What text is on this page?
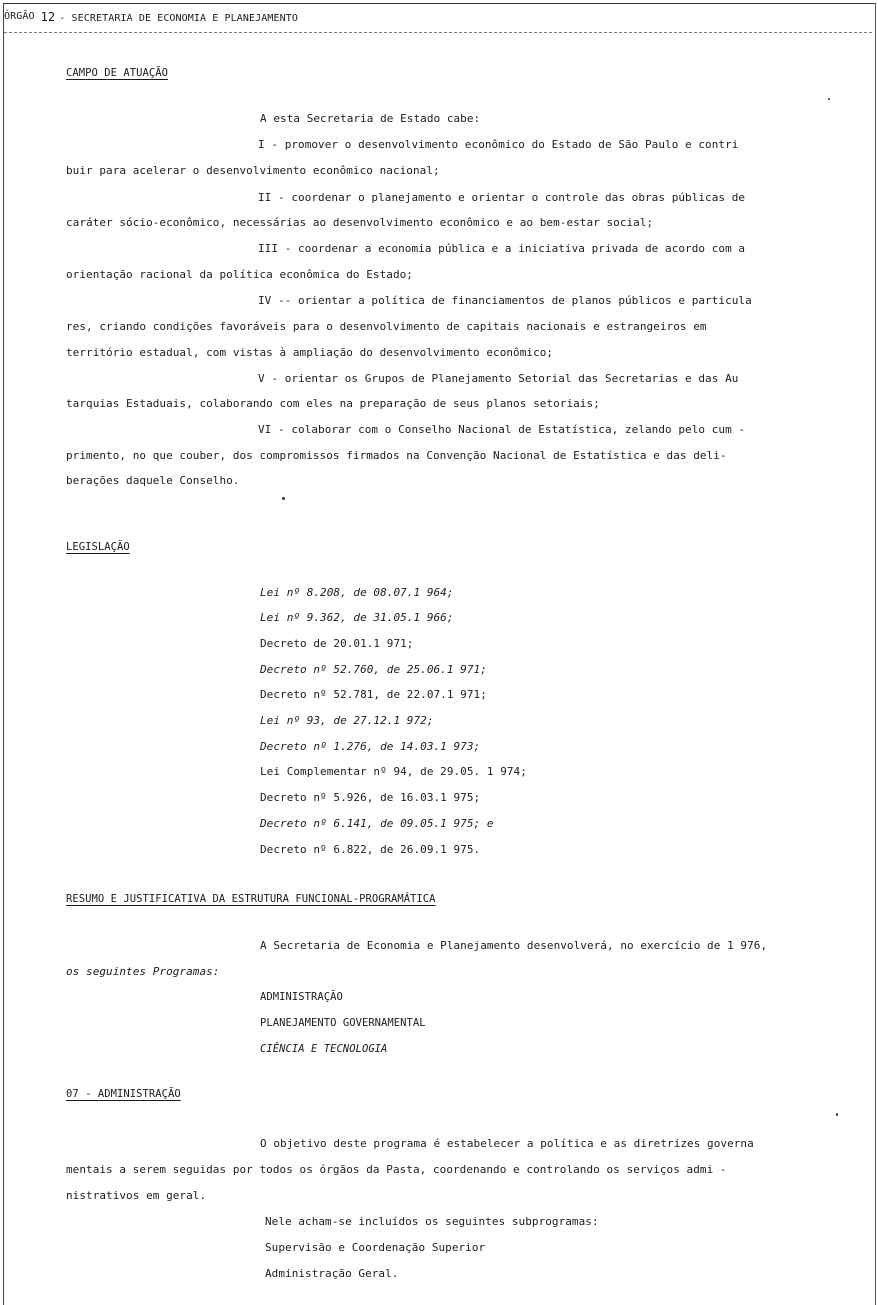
ÓRGÃO 12 - SECRETARIA DE ECONOMIA E PLANEJAMENTO
CAMPO DE ATUAÇÃO
A esta Secretaria de Estado cabe:
I - promover o desenvolvimento econômico do Estado de São Paulo e contri
buir para acelerar o desenvolvimento econômico nacional;
II - coordenar o planejamento e orientar o controle das obras públicas de
caráter sócio-econômico, necessárias ao desenvolvimento econômico e ao bem-estar social;
III - coordenar a economia pública e a iniciativa privada de acordo com a
orientação racional da política econômica do Estado;
IV -- orientar a política de financiamentos de planos públicos e particula
res, criando condições favoráveis para o desenvolvimento de capitais nacionais e estrangeiros em
território estadual, com vistas à ampliação do desenvolvimento econômico;
V - orientar os Grupos de Planejamento Setorial das Secretarias e das Au
tarquias Estaduais, colaborando com eles na preparação de seus planos setoriais;
VI - colaborar com o Conselho Nacional de Estatística, zelando pelo cum -
primento, no que couber, dos compromissos firmados na Convenção Nacional de Estatística e das deli-
berações daquele Conselho.
LEGISLAÇÃO
Lei nº 8.208, de 08.07.1 964;
Lei nº 9.362, de 31.05.1 966;
Decreto de 20.01.1 971;
Decreto nº 52.760, de 25.06.1 971;
Decreto nº 52.781, de 22.07.1 971;
Lei nº 93, de 27.12.1 972;
Decreto nº 1.276, de 14.03.1 973;
Lei Complementar nº 94, de 29.05. 1 974;
Decreto nº 5.926, de 16.03.1 975;
Decreto nº 6.141, de 09.05.1 975; e
Decreto nº 6.822, de 26.09.1 975.
RESUMO E JUSTIFICATIVA DA ESTRUTURA FUNCIONAL-PROGRAMÁTICA
A Secretaria de Economia e Planejamento desenvolverá, no exercício de 1 976,
os seguintes Programas:
ADMINISTRAÇÃO
PLANEJAMENTO GOVERNAMENTAL
CIÊNCIA E TECNOLOGIA
07 - ADMINISTRAÇÃO
O objetivo deste programa é estabelecer a política e as diretrizes governa
mentais a serem seguidas por todos os órgãos da Pasta, coordenando e controlando os serviços admi -
nistrativos em geral.
Nele acham-se incluídos os seguintes subprogramas:
Supervisão e Coordenação Superior
Administração Geral.
